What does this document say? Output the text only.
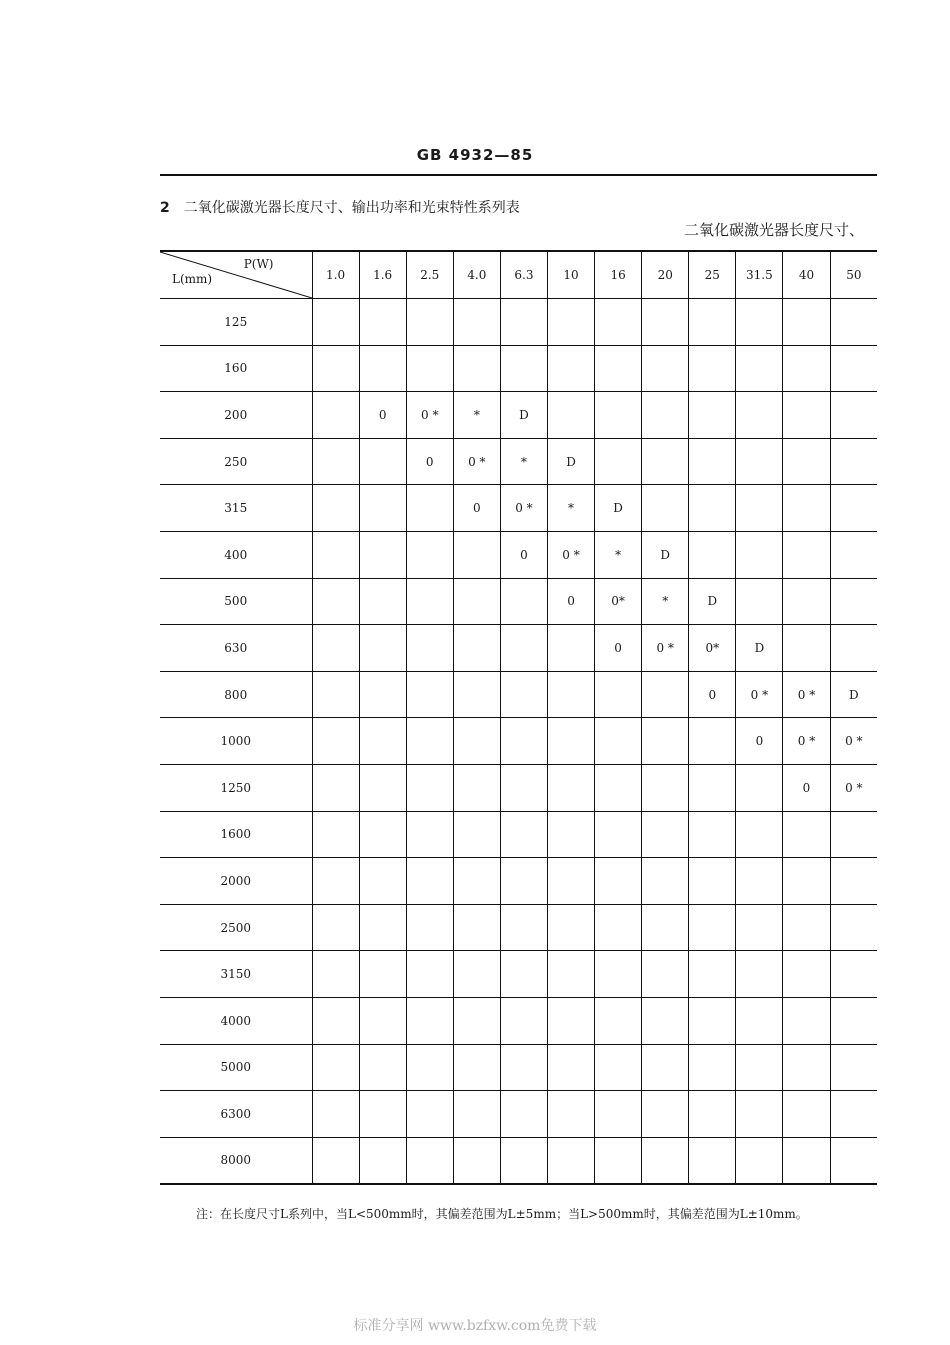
GB 4932—85
2 二氧化碳激光器长度尺寸、输出功率和光束特性系列表
二氧化碳激光器长度尺寸、
P(W)
L(mm)	1.0	1.6	2.5	4.0	6.3	10	16	20	25	31.5	40	50
125												
160												
200		0	0 *	*	D							
250			0	0 *	*	D						
315				0	0 *	*	D					
400					0	0 *	*	D				
500						0	0*	*	D			
630							0	0 *	0*	D		
800									0	0 *	0 *	D
1000										0	0 *	0 *
1250											0	0 *
1600												
2000												
2500												
3150												
4000												
5000												
6300												
8000												
注：在长度尺寸L系列中，当L<500mm时，其偏差范围为L±5mm；当L>500mm时，其偏差范围为L±10mm。
标准分享网 www.bzfxw.com免费下载
